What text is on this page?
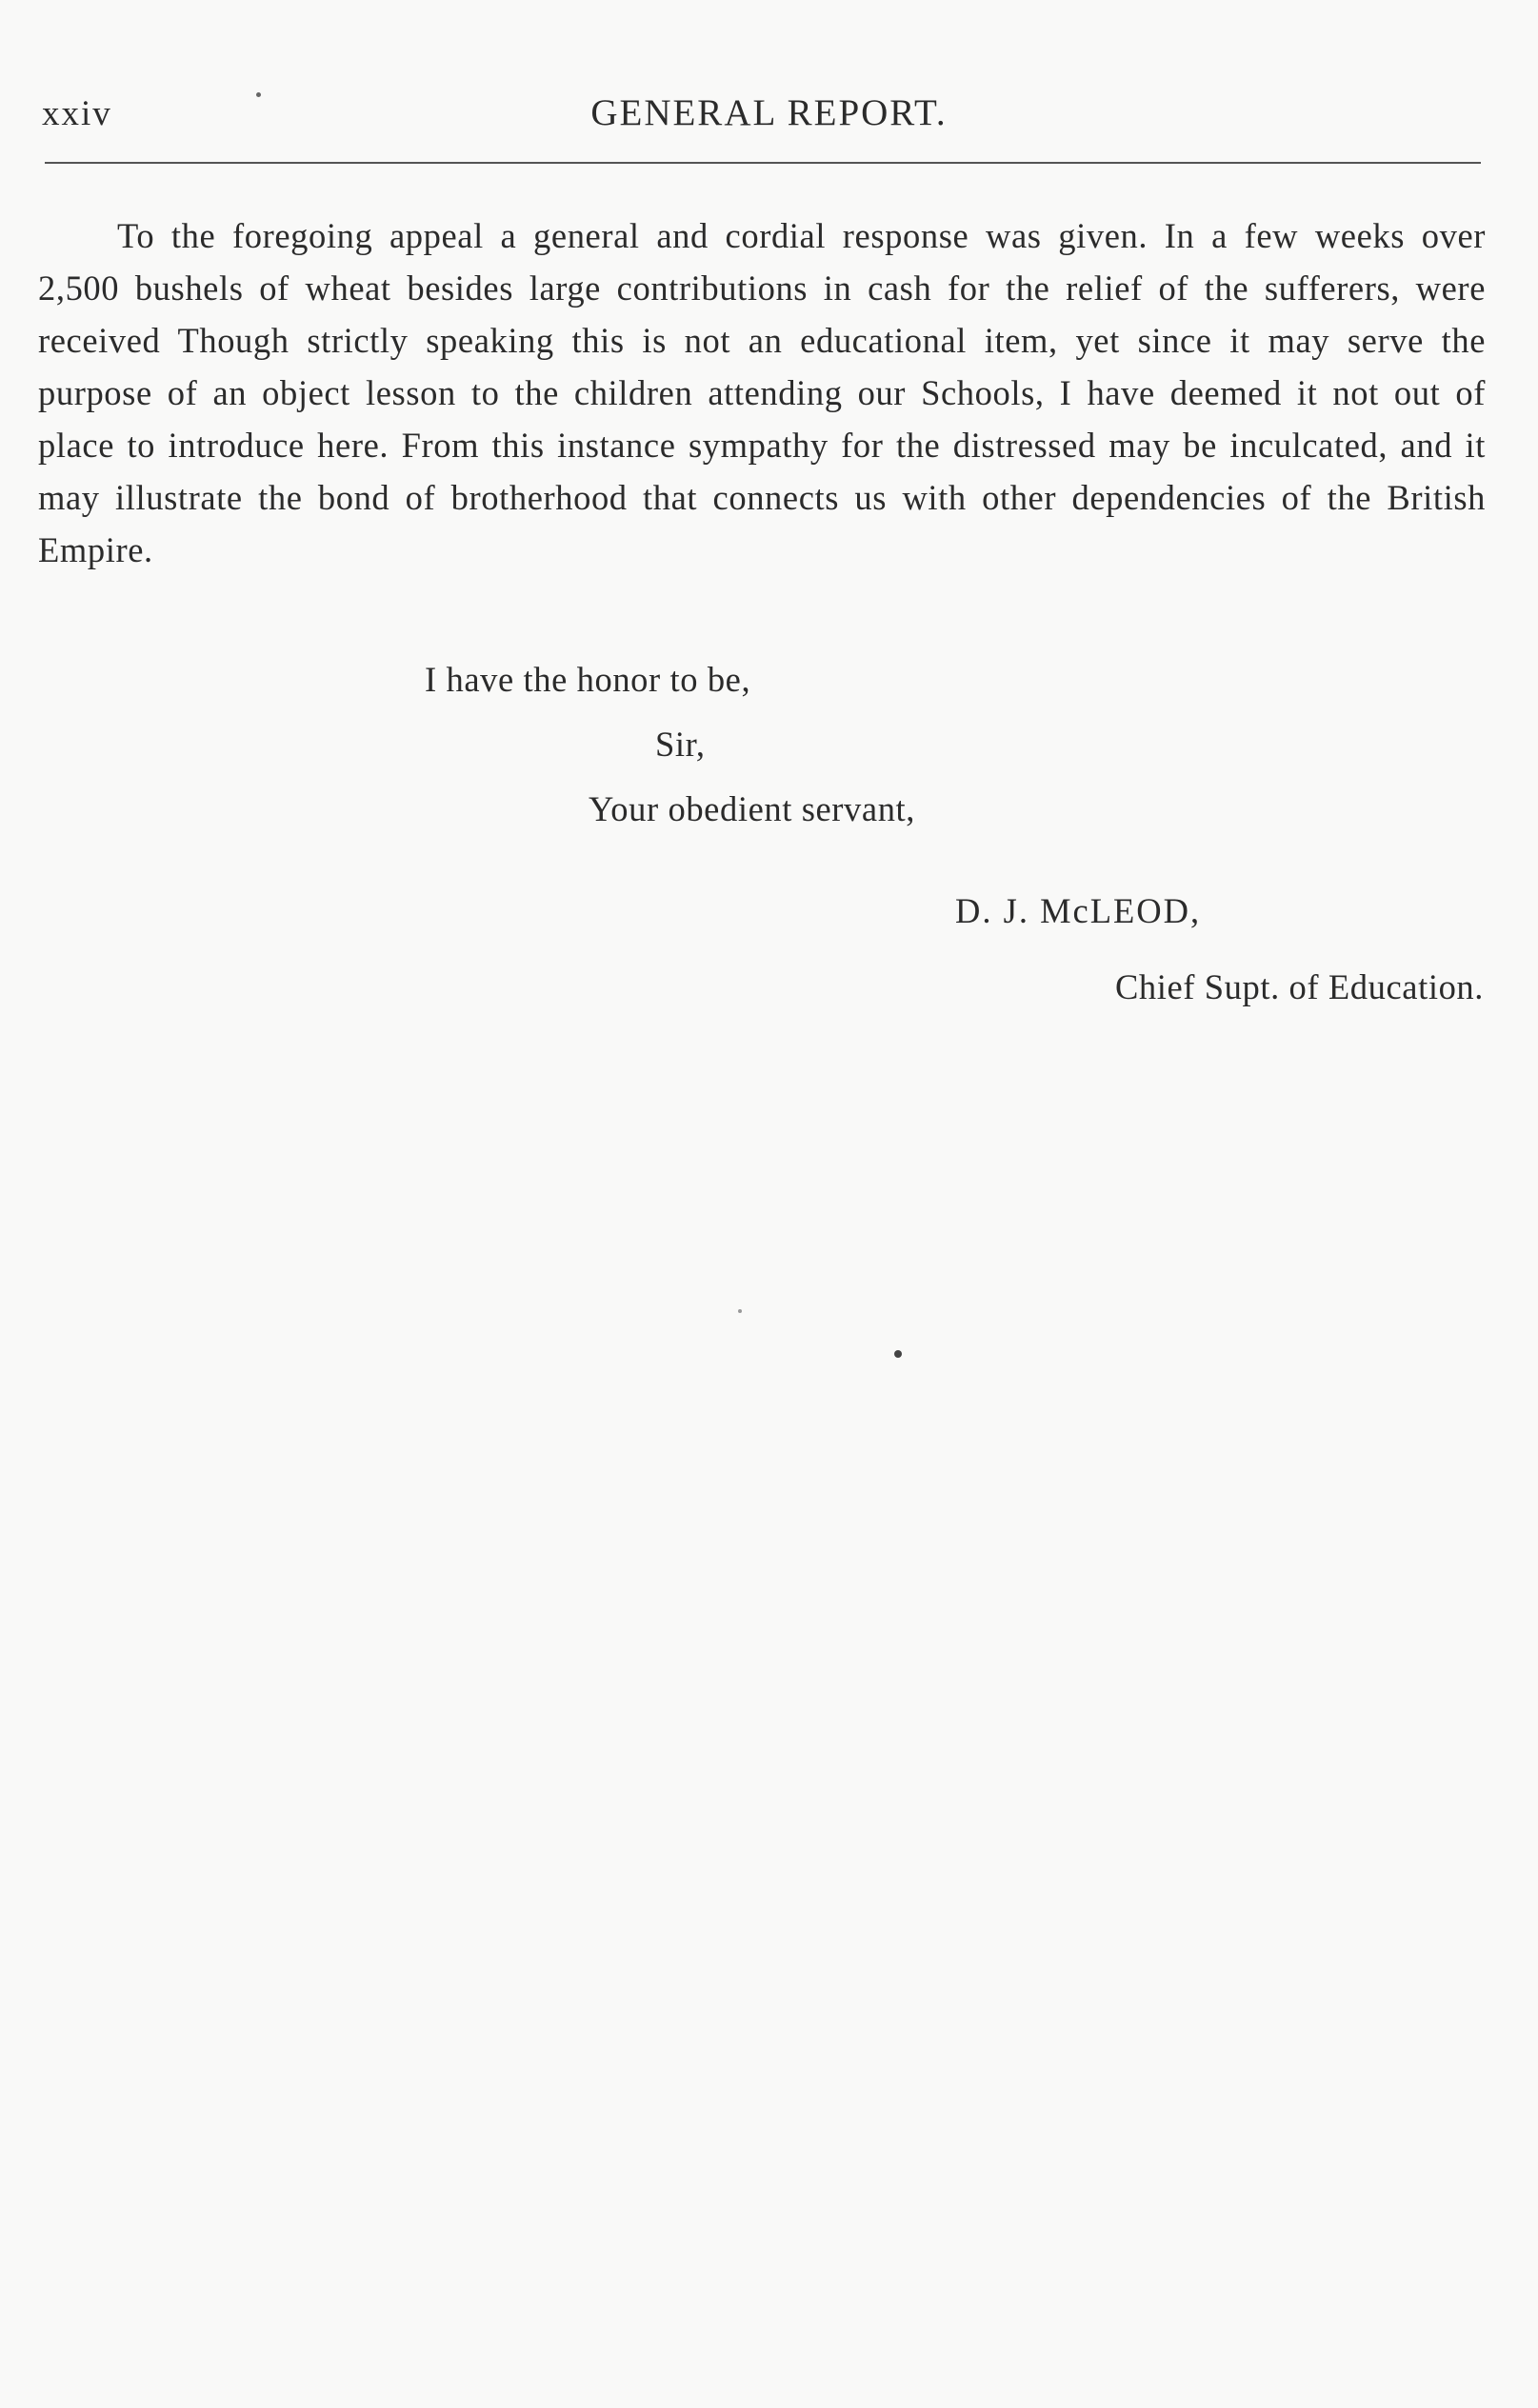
xxiv	GENERAL REPORT.

To the foregoing appeal a general and cordial response was given. In a few weeks over 2,500 bushels of wheat besides large contributions in cash for the relief of the sufferers, were received Though strictly speaking this is not an educational item, yet since it may serve the purpose of an object lesson to the children attending our Schools, I have deemed it not out of place to introduce here. From this instance sympathy for the distressed may be inculcated, and it may illustrate the bond of brotherhood that connects us with other dependencies of the British Empire.

I have the honor to be,
Sir,
Your obedient servant,
D. J. McLEOD,
Chief Supt. of Education.
